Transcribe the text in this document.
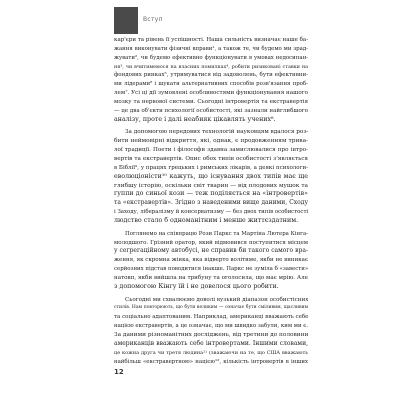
Вступ
кар'єри та рівень її успішності. Наша сильність визначає наше ба-
жання виконувати фізичні вправи¹, а також те, чи будемо ми зрад-
жувати², чи будемо ефективно функціонувати в умовах недосипан-
ня³, чи вчитимемося на власних помилках⁴, робити ризиковані ставки на
фондових ринках⁵, утримуватися від задоволень, бути ефективни-
ми лідерами⁶ і шукати альтернативних способів розв'язання проб-
лем⁷. Усі ці дії зумовлені особливостями функціонування нашого
мозку та нервової системи. Сьогодні інтровертія та екстравертія
— це два об'єкти психології особистості, які зазнали найглибшого
аналізу, проте і далі неабияк цікавлять учених⁸.
За допомогою передових технологій науковцям вдалося роз-
бити неймовірні відкриття, які, однак, є продовженням трива-
лої традиції. Поети і філософи здавна замислювалися про інтро-
вертів та екстравертів. Опис обох типів особистості з'являється
в Біблії⁹, у працях грецьких і римських лікарів, а деякі психологи-
еволюціоністи¹⁰ кажуть, що існування двох типів має ще
глибшу історію, оскільки світ тварин — від плодових мушок та
гуппи до синьої кози — теж поділяється на «інтровертів»
та «екстравертів». Згідно з наведеними вище даними, Сходу
і Заходу, лібералізму й консерватизму — без двох типів особистості
людство стало б одноманітним і менше життєздатним.
Поглянемо на співпрацю Рози Паркс та Мартіна Лютера Кінга-
молодшого. Грізний оратор, який відмовився поступитися місцем
у сегрегаційному автобусі, не справив би такого самого вра-
ження, як скромна жінка, яка відверто волітиме, якби не виникає
серйозних підстав поводитися інакше. Паркс не зуміла б «завести»
натовп, якби вийшла на трибуну та оголосила, що має мрію. Але
з допомогою Кінгу їй і не довелося цього робити.
Сьогодні ми схвалюємо доволі вузький діапазон особистісних
стилів. Нам повторюють, що бути великим — означає бути сміливим, щасливим
та соціально адаптованим. Наприклад, американці вважають себе
нацією екстравертів, а це означає, що ми швидко забули, ким ми є.
За даними різноманітних досліджень, від третини до половини
американців вважають себе інтровертами. Іншими словами,
це кожна друга чи третя людина¹¹ (зважаючи на те, що США вважають
найбільш «екстравертною» нацією¹², кількість інтровертів в інших
12
